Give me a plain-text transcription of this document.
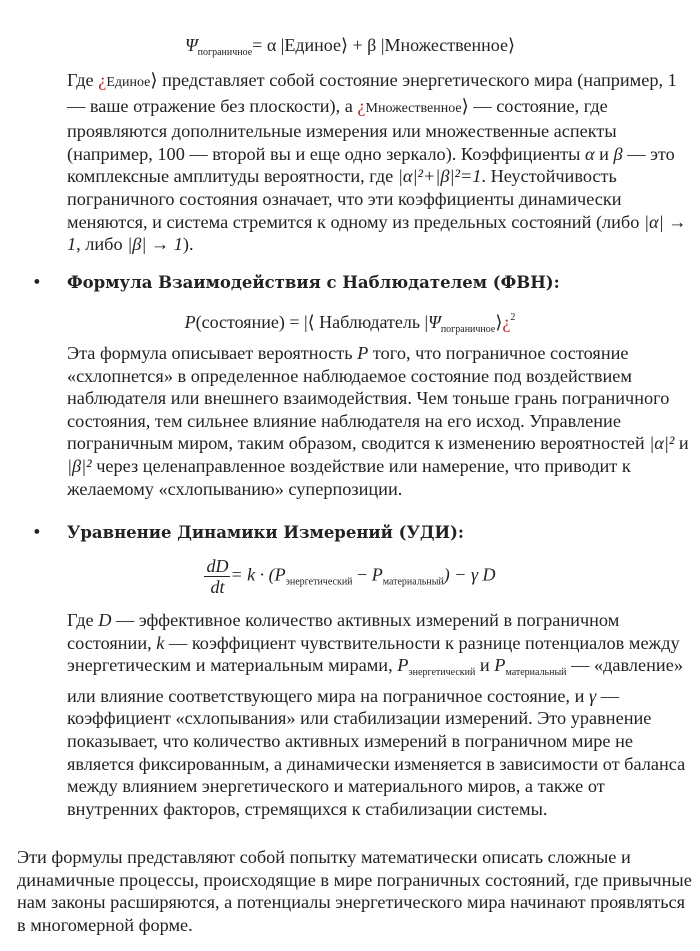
$\Psi_{пограничное}= \alpha$ |Единое⟩ + β |Множественное⟩
Где ¿Единое⟩ представляет собой состояние энергетического мира (например, 1 — ваше отражение без плоскости), а ¿Множественное⟩ — состояние, где проявляются дополнительные измерения или множественные аспекты (например, 100 — второй вы и еще одно зеркало). Коэффициенты α и β — это комплексные амплитуды вероятности, где |α|²+|β|²=1. Неустойчивость пограничного состояния означает, что эти коэффициенты динамически меняются, и система стремится к одному из предельных состояний (либо |α| → 1, либо |β| → 1).
• Формула Взаимодействия с Наблюдателем (ФВН):
P(состояние) = |⟨ Наблюдатель $|\Psi_{пограничное}⟩¿^2$
Эта формула описывает вероятность P того, что пограничное состояние «схлопнется» в определенное наблюдаемое состояние под воздействием наблюдателя или внешнего взаимодействия. Чем тоньше грань пограничного состояния, тем сильнее влияние наблюдателя на его исход. Управление пограничным миром, таким образом, сводится к изменению вероятностей |α|² и |β|² через целенаправленное воздействие или намерение, что приводит к желаемому «схлопыванию» суперпозиции.
• Уравнение Динамики Измерений (УДИ):
$\frac{dD}{dt} = k \cdot (P_{энергетический} - P_{материальный}) - \gamma$ D
Где D — эффективное количество активных измерений в пограничном состоянии, k — коэффициент чувствительности к разнице потенциалов между энергетическим и материальным мирами, $P_{энергетический}$ и $P_{материальный}$ — «давление» или влияние соответствующего мира на пограничное состояние, и γ — коэффициент «схлопывания» или стабилизации измерений. Это уравнение показывает, что количество активных измерений в пограничном мире не является фиксированным, а динамически изменяется в зависимости от баланса между влиянием энергетического и материального миров, а также от внутренних факторов, стремящихся к стабилизации системы.
Эти формулы представляют собой попытку математически описать сложные и динамичные процессы, происходящие в мире пограничных состояний, где привычные нам законы расширяются, а потенциалы энергетического мира начинают проявляться в многомерной форме.
